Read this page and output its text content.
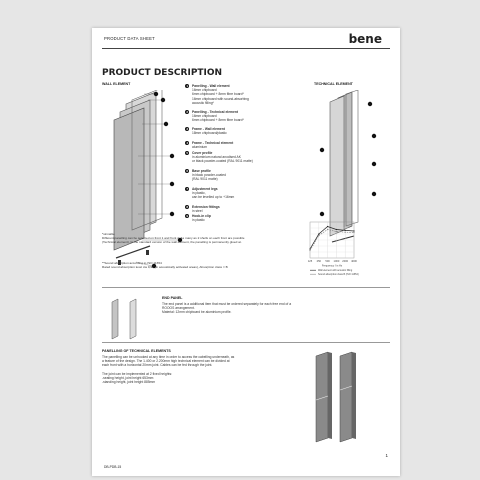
PRODUCT DATA SHEET	bene
PRODUCT DESCRIPTION
WALL ELEMENT	TECHNICAL ELEMENT
1	Panelling - Wall element
16mm chipboard
6mm chipboard + 8mm fibre board*
16mm chipboard with sound-absorbing
acoustic filling*
2	Panelling - Technical element
16mm chipboard
6mm chipboard + 8mm fibre board*
3	Frame - Wall element
18mm chipboard/plastic
4	Frame - Technical element
aluminium
5	Cover profile
in aluminium natural anodised AK
or black powder-coated (RAL 9011 matte)
6	Base profile
in black powder-coated
(RAL 9011 matte)
7	Adjustment legs
in plastic,
can be levelled up to +16mm
8	Extension fittings
in steel
9	Hook-in clip
in plastic
*sinnable
Different panelling can be selected on front 1 and front 2. As many as 2 shells on each front are possible
(Technical element). In the standard version of the wall element, the panelling is permanently glued at.
**Sound absorption according to ISO 11654
Rated sound absorption level αw 0,90 (in acoustically activated areas), Absorption class = B
125 250 500 1000 2000 4000
Frequency f in Hz
Wall element with acoustic filling
Sound absorption class B (ISO 11654)
END PANEL
The end panel is a additional item that must be ordered separately for each free end of a
ROOOS arrangement.
Material: 12mm chipboard be aluminium profile.
PANELLING OF TECHNICAL ELEMENTS
The panelling can be unhooked at any time in order to access the cabelling underneath, as
a feature of the design. The 1.400 or 2.200mm high technical element can be divided at
each front with a horizontal 20mm joint. Cables can be fed through the joint.

The joint can be implemented at 2 fixed heights:
-seating height, joint height 653mm
-standing height, joint height 885mm
1
DB-PDB-15
